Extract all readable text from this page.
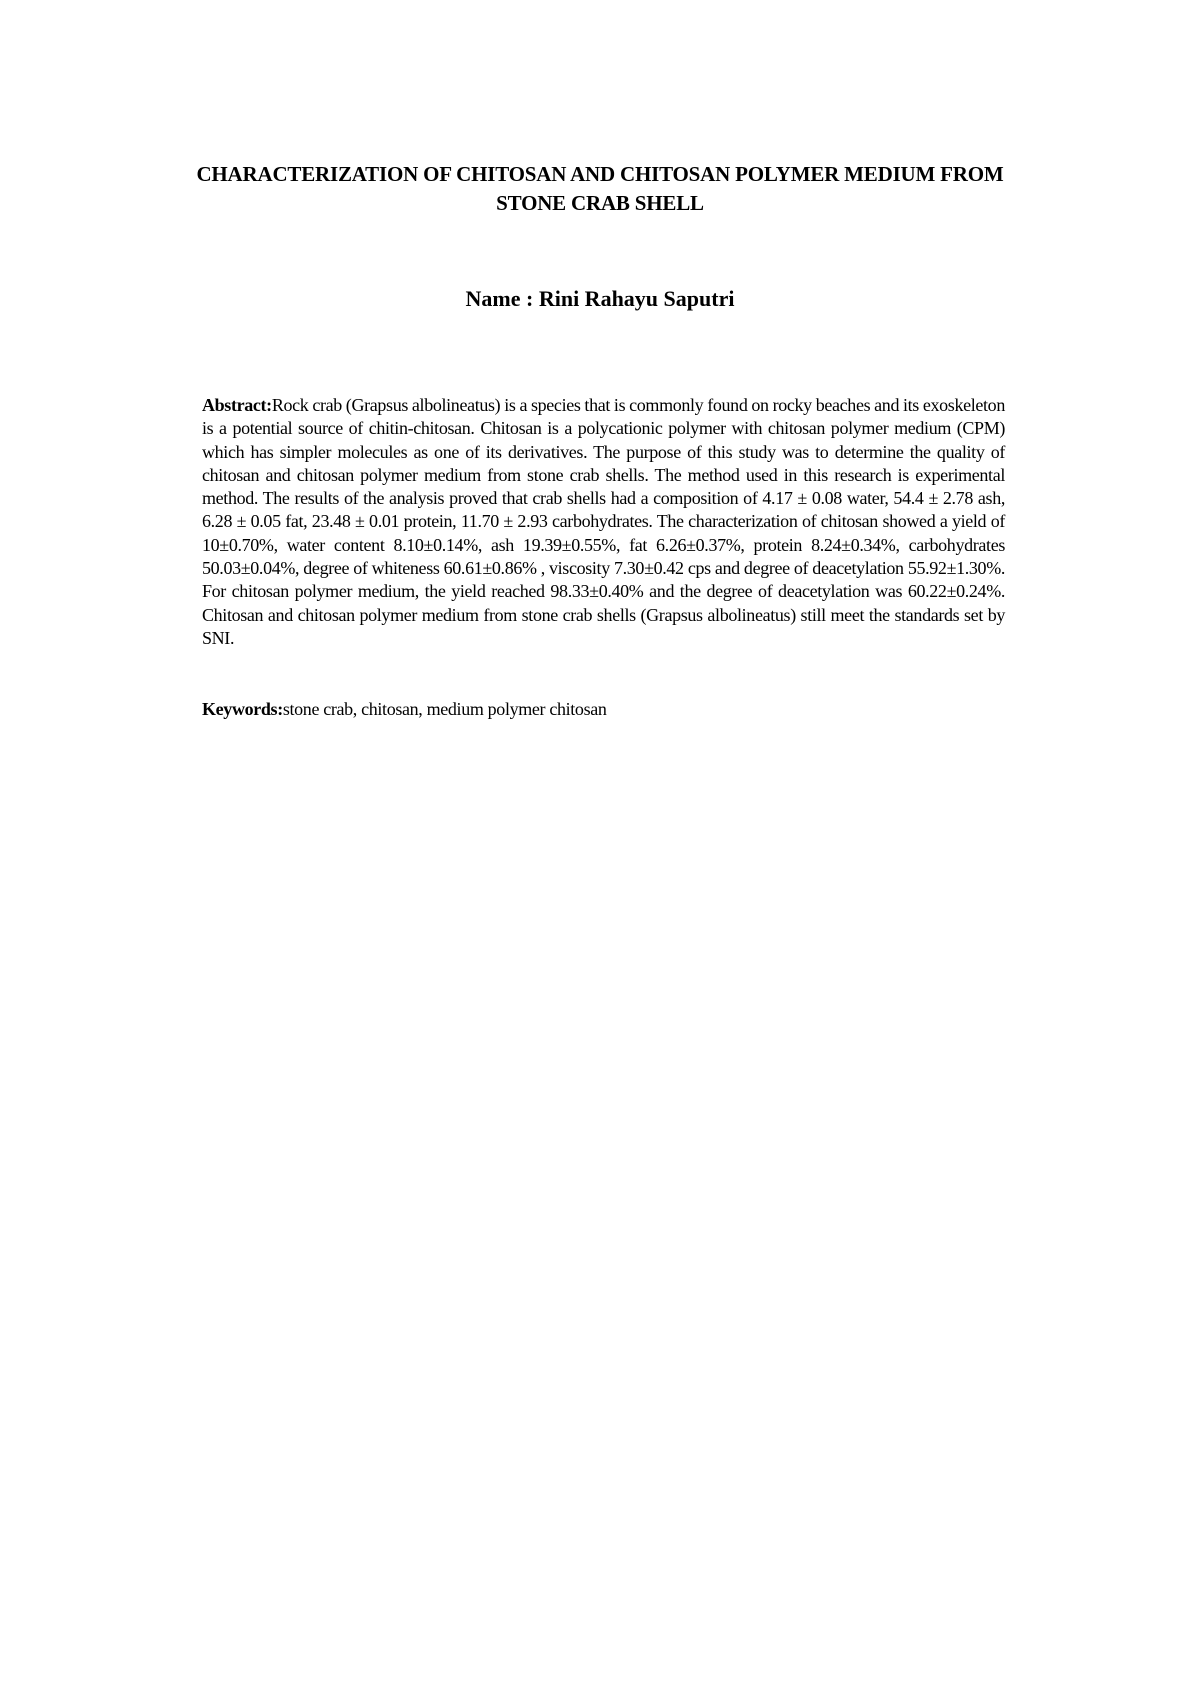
CHARACTERIZATION OF CHITOSAN AND CHITOSAN POLYMER MEDIUM FROM
STONE CRAB SHELL

Name : Rini Rahayu Saputri

Abstract:Rock crab (Grapsus albolineatus) is a species that is commonly found on rocky beaches and its exoskeleton is a potential source of chitin-chitosan. Chitosan is a polycationic polymer with chitosan polymer medium (CPM) which has simpler molecules as one of its derivatives. The purpose of this study was to determine the quality of chitosan and chitosan polymer medium from stone crab shells. The method used in this research is experimental method. The results of the analysis proved that crab shells had a composition of 4.17 ± 0.08 water, 54.4 ± 2.78 ash, 6.28 ± 0.05 fat, 23.48 ± 0.01 protein, 11.70 ± 2.93 carbohydrates. The characterization of chitosan showed a yield of 10±0.70%, water content 8.10±0.14%, ash 19.39±0.55%, fat 6.26±0.37%, protein 8.24±0.34%, carbohydrates 50.03±0.04%, degree of whiteness 60.61±0.86% , viscosity 7.30±0.42 cps and degree of deacetylation 55.92±1.30%. For chitosan polymer medium, the yield reached 98.33±0.40% and the degree of deacetylation was 60.22±0.24%. Chitosan and chitosan polymer medium from stone crab shells (Grapsus albolineatus) still meet the standards set by SNI.

Keywords:stone crab, chitosan, medium polymer chitosan
